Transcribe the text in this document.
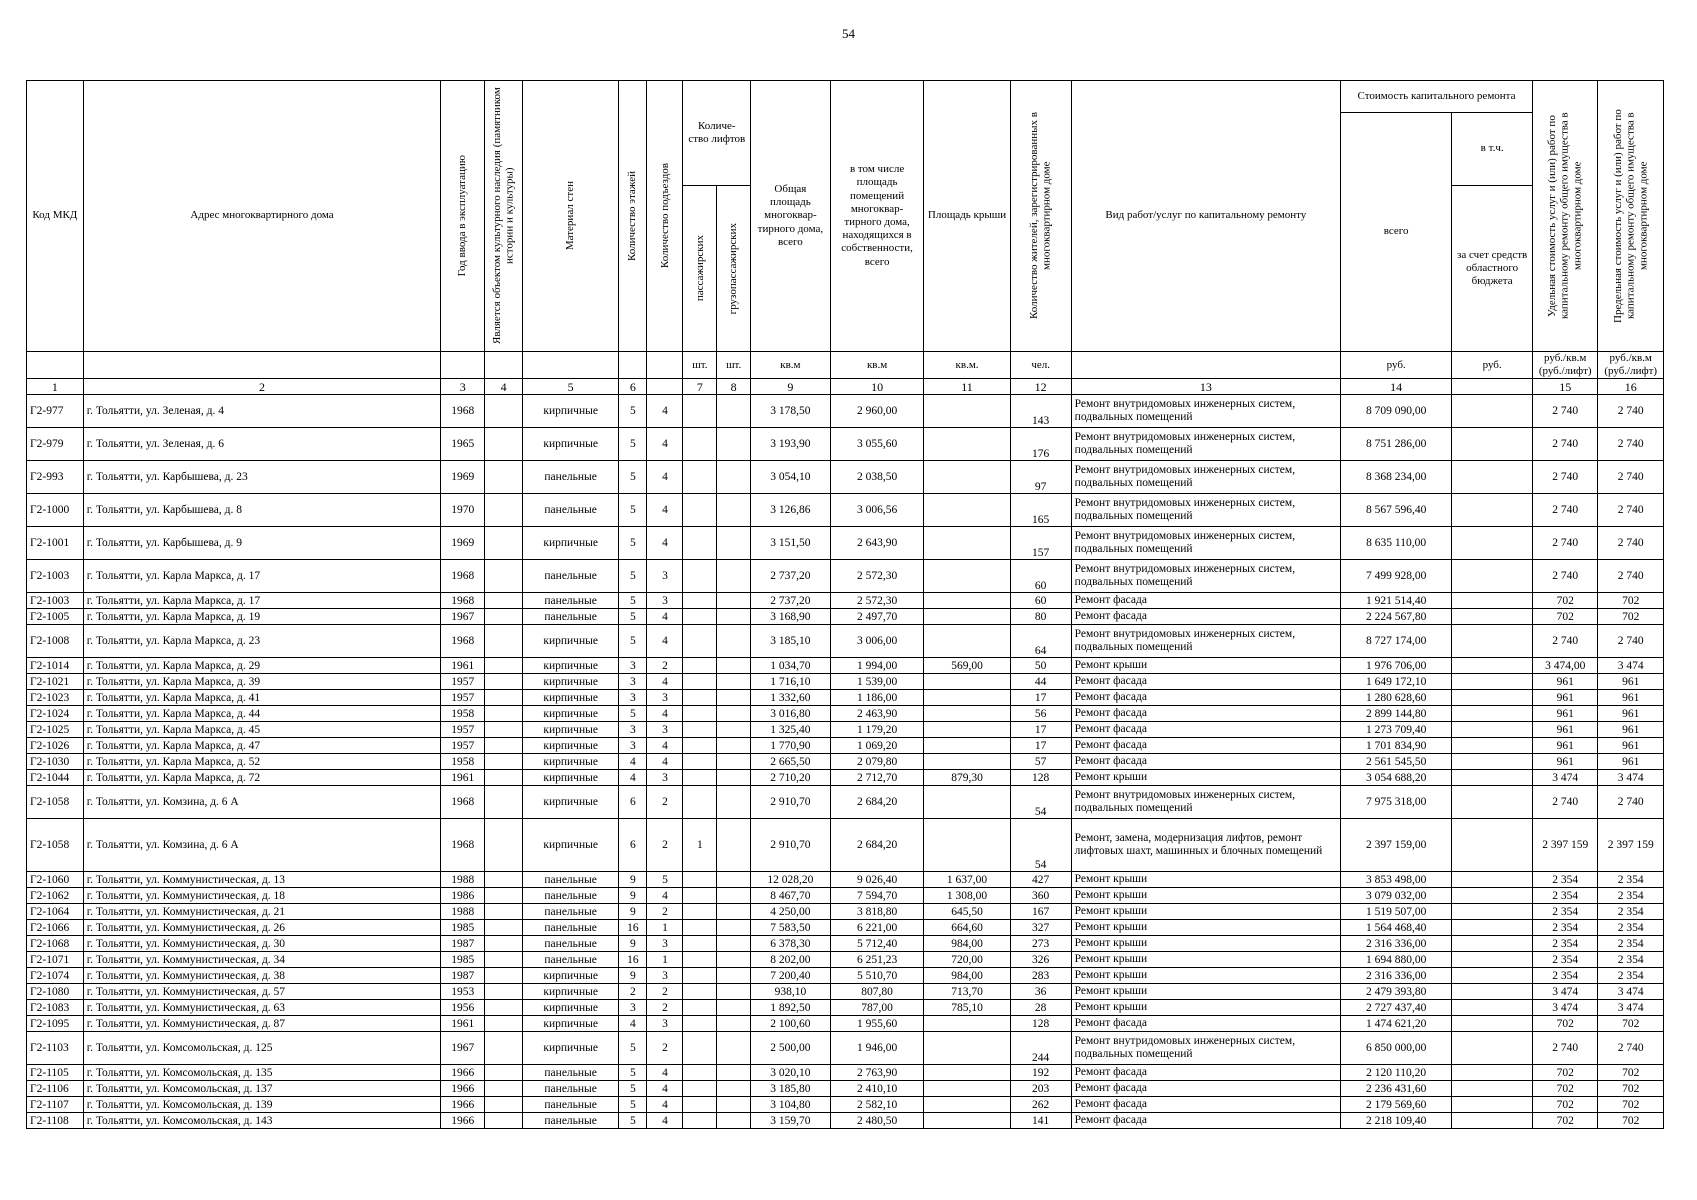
54
Код МКД	Адрес многоквартирного дома	Год ввода в эксплуатацию	Является объектом культурного наследия (памятником истории и культуры)	Материал стен	Количество этажей	Количество подъездов	Количе- ство лифтов		Общая площадь многоквар- тирного дома, всего	в том числе площадь помещений многоквар- тирного дома, находящихся в собственности, всего	Площадь крыши	Количество жителей, зарегистрированных в многоквартирном доме	Вид работ/услуг по капитальному ремонту	Стоимость капитального ремонта		Удельная стоимость услуг и (или) работ по капитальному ремонту общего имущества в многоквартирном доме	Предельная стоимость услуг и (или) работ по капитальному ремонту общего имущества в многоквартирном доме

														всего	в т.ч.		

							пассажирских	грузопассажирских							за счет средств областного бюджета		
							шт.	шт.	кв.м	кв.м	кв.м.	чел.		руб.	руб.	руб./кв.м (руб./лифт)	руб./кв.м (руб./лифт)
1	2	3	4	5	6		7	8	9	10	11	12	13	14		15	16
Г2-977	г. Тольятти, ул. Зеленая, д. 4	1968		кирпичные	5	4			3 178,50	2 960,00		143	Ремонт внутридомовых инженерных систем, подвальных помещений	8 709 090,00		2 740	2 740
Г2-979	г. Тольятти, ул. Зеленая, д. 6	1965		кирпичные	5	4			3 193,90	3 055,60		176	Ремонт внутридомовых инженерных систем, подвальных помещений	8 751 286,00		2 740	2 740
Г2-993	г. Тольятти, ул. Карбышева, д. 23	1969		панельные	5	4			3 054,10	2 038,50		97	Ремонт внутридомовых инженерных систем, подвальных помещений	8 368 234,00		2 740	2 740
Г2-1000	г. Тольятти, ул. Карбышева, д. 8	1970		панельные	5	4			3 126,86	3 006,56		165	Ремонт внутридомовых инженерных систем, подвальных помещений	8 567 596,40		2 740	2 740
Г2-1001	г. Тольятти, ул. Карбышева, д. 9	1969		кирпичные	5	4			3 151,50	2 643,90		157	Ремонт внутридомовых инженерных систем, подвальных помещений	8 635 110,00		2 740	2 740
Г2-1003	г. Тольятти, ул. Карла Маркса, д. 17	1968		панельные	5	3			2 737,20	2 572,30		60	Ремонт внутридомовых инженерных систем, подвальных помещений	7 499 928,00		2 740	2 740
Г2-1003	г. Тольятти, ул. Карла Маркса, д. 17	1968		панельные	5	3			2 737,20	2 572,30		60	Ремонт фасада	1 921 514,40		702	702
Г2-1005	г. Тольятти, ул. Карла Маркса, д. 19	1967		панельные	5	4			3 168,90	2 497,70		80	Ремонт фасада	2 224 567,80		702	702
Г2-1008	г. Тольятти, ул. Карла Маркса, д. 23	1968		кирпичные	5	4			3 185,10	3 006,00		64	Ремонт внутридомовых инженерных систем, подвальных помещений	8 727 174,00		2 740	2 740
Г2-1014	г. Тольятти, ул. Карла Маркса, д. 29	1961		кирпичные	3	2			1 034,70	1 994,00	569,00	50	Ремонт крыши	1 976 706,00		3 474,00	3 474
Г2-1021	г. Тольятти, ул. Карла Маркса, д. 39	1957		кирпичные	3	4			1 716,10	1 539,00		44	Ремонт фасада	1 649 172,10		961	961
Г2-1023	г. Тольятти, ул. Карла Маркса, д. 41	1957		кирпичные	3	3			1 332,60	1 186,00		17	Ремонт фасада	1 280 628,60		961	961
Г2-1024	г. Тольятти, ул. Карла Маркса, д. 44	1958		кирпичные	5	4			3 016,80	2 463,90		56	Ремонт фасада	2 899 144,80		961	961
Г2-1025	г. Тольятти, ул. Карла Маркса, д. 45	1957		кирпичные	3	3			1 325,40	1 179,20		17	Ремонт фасада	1 273 709,40		961	961
Г2-1026	г. Тольятти, ул. Карла Маркса, д. 47	1957		кирпичные	3	4			1 770,90	1 069,20		17	Ремонт фасада	1 701 834,90		961	961
Г2-1030	г. Тольятти, ул. Карла Маркса, д. 52	1958		кирпичные	4	4			2 665,50	2 079,80		57	Ремонт фасада	2 561 545,50		961	961
Г2-1044	г. Тольятти, ул. Карла Маркса, д. 72	1961		кирпичные	4	3			2 710,20	2 712,70	879,30	128	Ремонт крыши	3 054 688,20		3 474	3 474
Г2-1058	г. Тольятти, ул. Комзина, д. 6 А	1968		кирпичные	6	2			2 910,70	2 684,20		54	Ремонт внутридомовых инженерных систем, подвальных помещений	7 975 318,00		2 740	2 740
Г2-1058	г. Тольятти, ул. Комзина, д. 6 А	1968		кирпичные	6	2	1		2 910,70	2 684,20		54	Ремонт, замена, модернизация лифтов, ремонт лифтовых шахт, машинных и блочных помещений	2 397 159,00		2 397 159	2 397 159
Г2-1060	г. Тольятти, ул. Коммунистическая, д. 13	1988		панельные	9	5			12 028,20	9 026,40	1 637,00	427	Ремонт крыши	3 853 498,00		2 354	2 354
Г2-1062	г. Тольятти, ул. Коммунистическая, д. 18	1986		панельные	9	4			8 467,70	7 594,70	1 308,00	360	Ремонт крыши	3 079 032,00		2 354	2 354
Г2-1064	г. Тольятти, ул. Коммунистическая, д. 21	1988		панельные	9	2			4 250,00	3 818,80	645,50	167	Ремонт крыши	1 519 507,00		2 354	2 354
Г2-1066	г. Тольятти, ул. Коммунистическая, д. 26	1985		панельные	16	1			7 583,50	6 221,00	664,60	327	Ремонт крыши	1 564 468,40		2 354	2 354
Г2-1068	г. Тольятти, ул. Коммунистическая, д. 30	1987		панельные	9	3			6 378,30	5 712,40	984,00	273	Ремонт крыши	2 316 336,00		2 354	2 354
Г2-1071	г. Тольятти, ул. Коммунистическая, д. 34	1985		панельные	16	1			8 202,00	6 251,23	720,00	326	Ремонт крыши	1 694 880,00		2 354	2 354
Г2-1074	г. Тольятти, ул. Коммунистическая, д. 38	1987		кирпичные	9	3			7 200,40	5 510,70	984,00	283	Ремонт крыши	2 316 336,00		2 354	2 354
Г2-1080	г. Тольятти, ул. Коммунистическая, д. 57	1953		кирпичные	2	2			938,10	807,80	713,70	36	Ремонт крыши	2 479 393,80		3 474	3 474
Г2-1083	г. Тольятти, ул. Коммунистическая, д. 63	1956		кирпичные	3	2			1 892,50	787,00	785,10	28	Ремонт крыши	2 727 437,40		3 474	3 474
Г2-1095	г. Тольятти, ул. Коммунистическая, д. 87	1961		кирпичные	4	3			2 100,60	1 955,60		128	Ремонт фасада	1 474 621,20		702	702
Г2-1103	г. Тольятти, ул. Комсомольская, д. 125	1967		кирпичные	5	2			2 500,00	1 946,00		244	Ремонт внутридомовых инженерных систем, подвальных помещений	6 850 000,00		2 740	2 740
Г2-1105	г. Тольятти, ул. Комсомольская, д. 135	1966		панельные	5	4			3 020,10	2 763,90		192	Ремонт фасада	2 120 110,20		702	702
Г2-1106	г. Тольятти, ул. Комсомольская, д. 137	1966		панельные	5	4			3 185,80	2 410,10		203	Ремонт фасада	2 236 431,60		702	702
Г2-1107	г. Тольятти, ул. Комсомольская, д. 139	1966		панельные	5	4			3 104,80	2 582,10		262	Ремонт фасада	2 179 569,60		702	702
Г2-1108	г. Тольятти, ул. Комсомольская, д. 143	1966		панельные	5	4			3 159,70	2 480,50		141	Ремонт фасада	2 218 109,40		702	702
